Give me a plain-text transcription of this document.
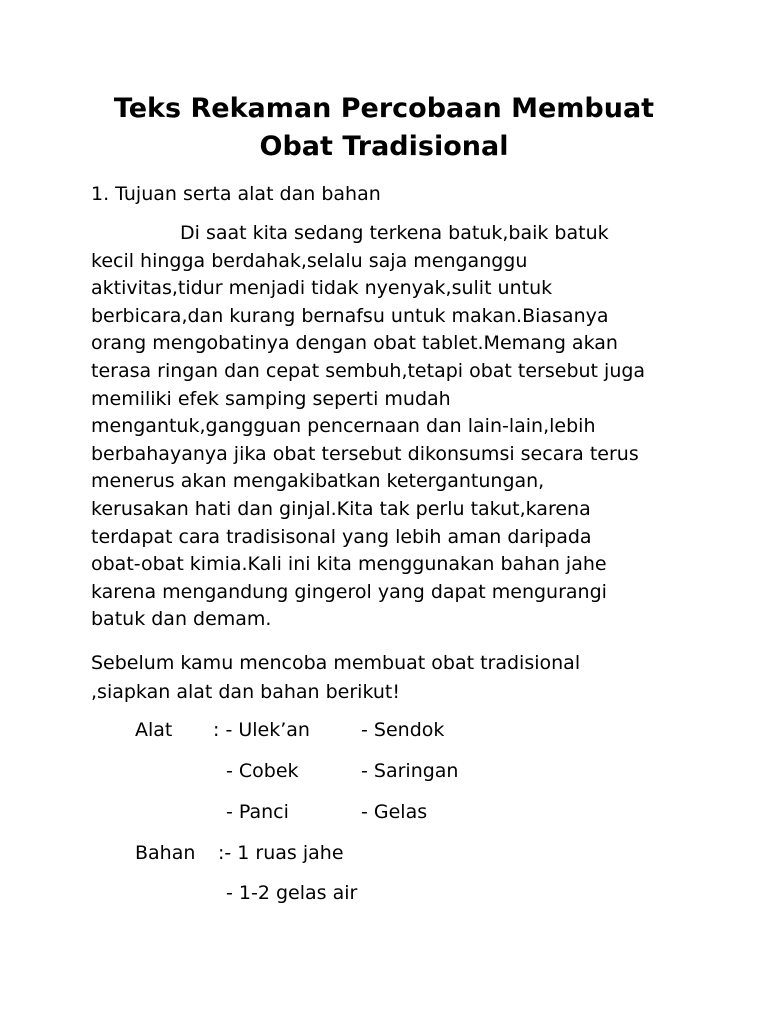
Teks Rekaman Percobaan Membuat
Obat Tradisional

1. Tujuan serta alat dan bahan

Di saat kita sedang terkena batuk,baik batuk
kecil hingga berdahak,selalu saja menganggu
aktivitas,tidur menjadi tidak nyenyak,sulit untuk
berbicara,dan kurang bernafsu untuk makan.Biasanya
orang mengobatinya dengan obat tablet.Memang akan
terasa ringan dan cepat sembuh,tetapi obat tersebut juga
memiliki efek samping seperti mudah
mengantuk,gangguan pencernaan dan lain-lain,lebih
berbahayanya jika obat tersebut dikonsumsi secara terus
menerus akan mengakibatkan ketergantungan,
kerusakan hati dan ginjal.Kita tak perlu takut,karena
terdapat cara tradisisonal yang lebih aman daripada
obat-obat kimia.Kali ini kita menggunakan bahan jahe
karena mengandung gingerol yang dapat mengurangi
batuk dan demam.

Sebelum kamu mencoba membuat obat tradisional
,siapkan alat dan bahan berikut!

Alat : - Ulek’an	- Sendok
- Cobek	- Saringan
- Panci	- Gelas
Bahan :- 1 ruas jahe
- 1-2 gelas air
